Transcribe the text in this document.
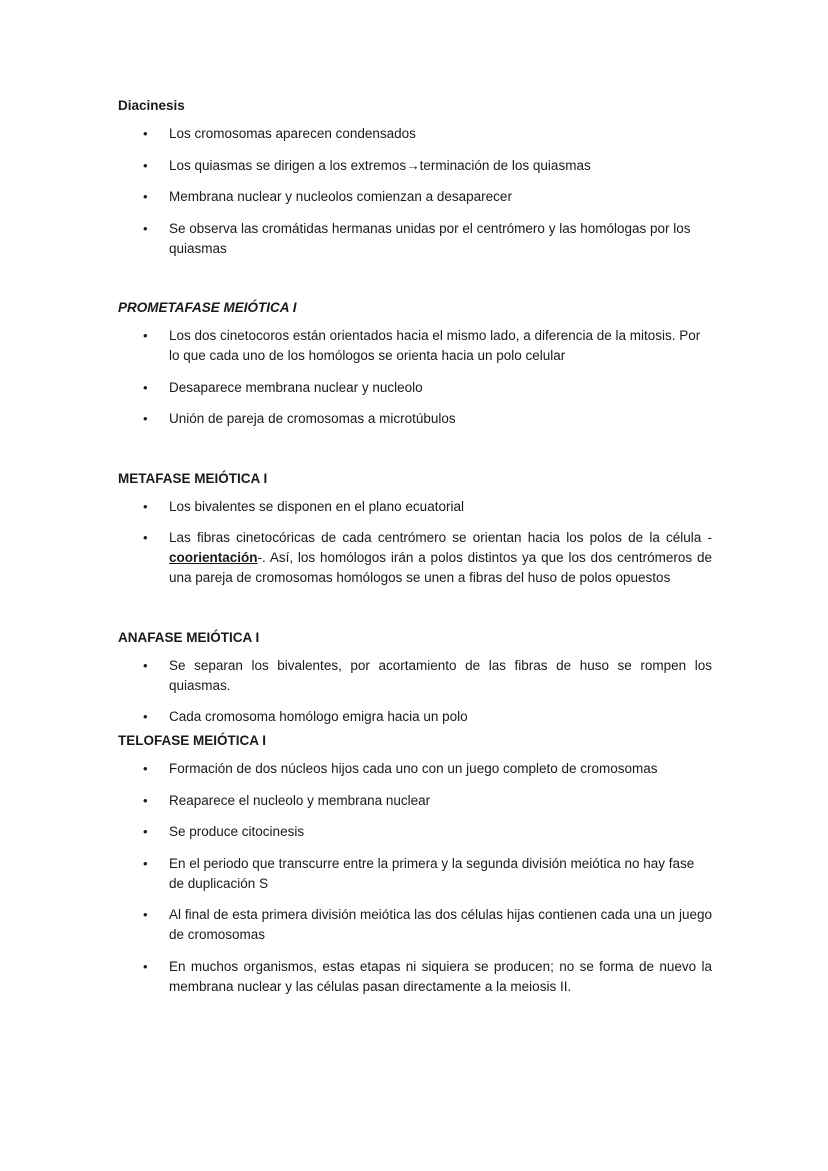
Diacinesis
• Los cromosomas aparecen condensados
• Los quiasmas se dirigen a los extremos→terminación de los quiasmas
• Membrana nuclear y nucleolos comienzan a desaparecer
• Se observa las cromátidas hermanas unidas por el centrómero y las homólogas por los quiasmas
PROMETAFASE MEIÓTICA I
• Los dos cinetocoros están orientados hacia el mismo lado, a diferencia de la mitosis. Por lo que cada uno de los homólogos se orienta hacia un polo celular
• Desaparece membrana nuclear y nucleolo
• Unión de pareja de cromosomas a microtúbulos
METAFASE MEIÓTICA I
• Los bivalentes se disponen en el plano ecuatorial
• Las fibras cinetocóricas de cada centrómero se orientan hacia los polos de la célula - coorientación-. Así, los homólogos irán a polos distintos ya que los dos centrómeros de una pareja de cromosomas homólogos se unen a fibras del huso de polos opuestos
ANAFASE MEIÓTICA I
• Se separan los bivalentes, por acortamiento de las fibras de huso se rompen los quiasmas.
• Cada cromosoma homólogo emigra hacia un polo
TELOFASE MEIÓTICA I
• Formación de dos núcleos hijos cada uno con un juego completo de cromosomas
• Reaparece el nucleolo y membrana nuclear
• Se produce citocinesis
• En el periodo que transcurre entre la primera y la segunda división meiótica no hay fase de duplicación S
• Al final de esta primera división meiótica las dos células hijas contienen cada una un juego de cromosomas
• En muchos organismos, estas etapas ni siquiera se producen; no se forma de nuevo la membrana nuclear y las células pasan directamente a la meiosis II.
